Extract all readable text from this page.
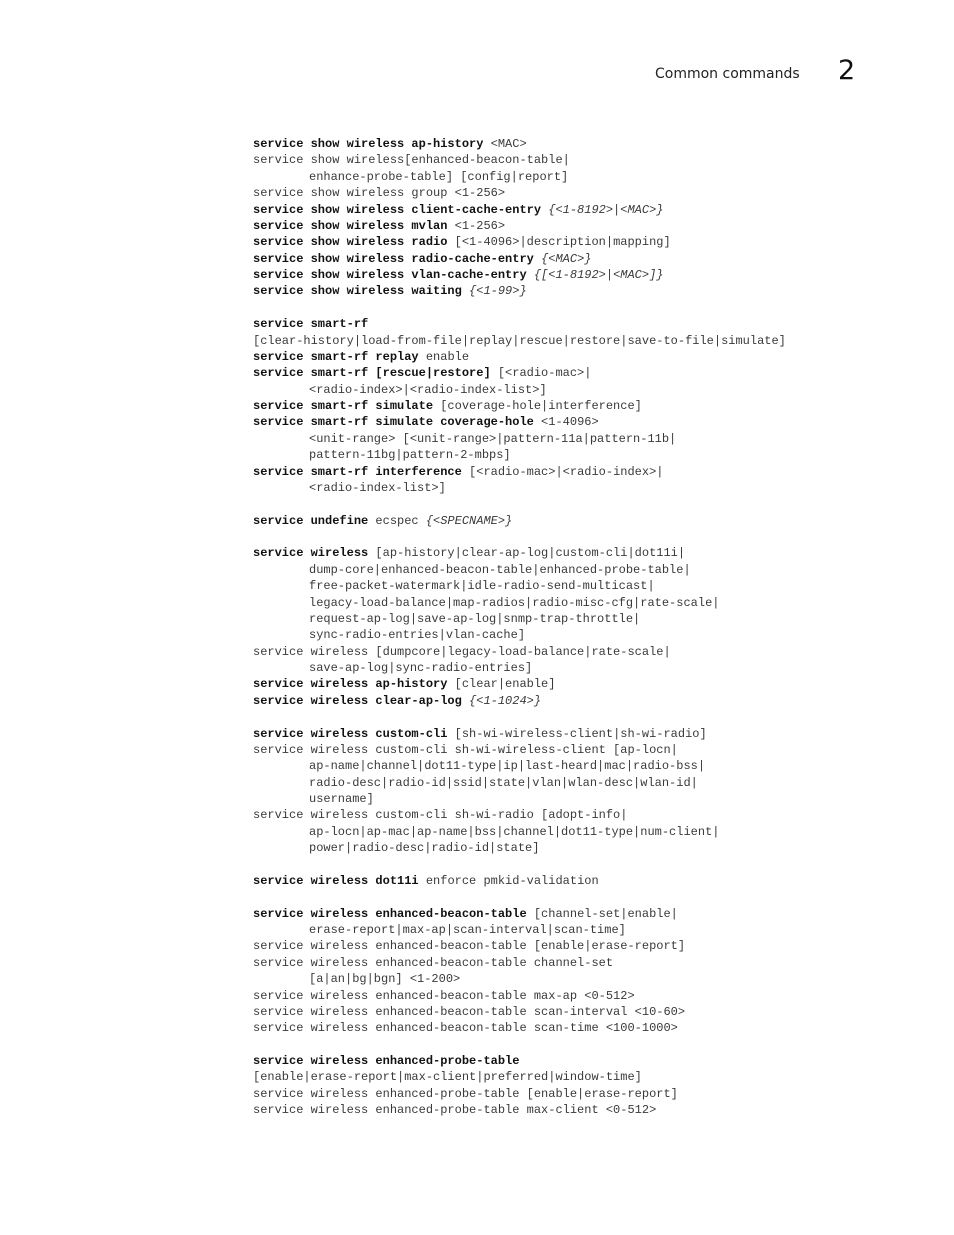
Common commands 2
service show wireless ap-history <MAC>
service show wireless[enhanced-beacon-table|
enhance-probe-table] [config|report]
service show wireless group <1-256>
service show wireless client-cache-entry {<1-8192>|<MAC>}
service show wireless mvlan <1-256>
service show wireless radio [<1-4096>|description|mapping]
service show wireless radio-cache-entry {<MAC>}
service show wireless vlan-cache-entry {[<1-8192>|<MAC>]}
service show wireless waiting {<1-99>}

service smart-rf
[clear-history|load-from-file|replay|rescue|restore|save-to-file|simulate]
service smart-rf replay enable
service smart-rf [rescue|restore] [<radio-mac>|
<radio-index>|<radio-index-list>]
service smart-rf simulate [coverage-hole|interference]
service smart-rf simulate coverage-hole <1-4096>
<unit-range> [<unit-range>|pattern-11a|pattern-11b|
pattern-11bg|pattern-2-mbps]
service smart-rf interference [<radio-mac>|<radio-index>|
<radio-index-list>]

service undefine ecspec {<SPECNAME>}

service wireless [ap-history|clear-ap-log|custom-cli|dot11i|
dump-core|enhanced-beacon-table|enhanced-probe-table|
free-packet-watermark|idle-radio-send-multicast|
legacy-load-balance|map-radios|radio-misc-cfg|rate-scale|
request-ap-log|save-ap-log|snmp-trap-throttle|
sync-radio-entries|vlan-cache]
service wireless [dumpcore|legacy-load-balance|rate-scale|
save-ap-log|sync-radio-entries]
service wireless ap-history [clear|enable]
service wireless clear-ap-log {<1-1024>}

service wireless custom-cli [sh-wi-wireless-client|sh-wi-radio]
service wireless custom-cli sh-wi-wireless-client [ap-locn|
ap-name|channel|dot11-type|ip|last-heard|mac|radio-bss|
radio-desc|radio-id|ssid|state|vlan|wlan-desc|wlan-id|
username]
service wireless custom-cli sh-wi-radio [adopt-info|
ap-locn|ap-mac|ap-name|bss|channel|dot11-type|num-client|
power|radio-desc|radio-id|state]

service wireless dot11i enforce pmkid-validation

service wireless enhanced-beacon-table [channel-set|enable|
erase-report|max-ap|scan-interval|scan-time]
service wireless enhanced-beacon-table [enable|erase-report]
service wireless enhanced-beacon-table channel-set
[a|an|bg|bgn] <1-200>
service wireless enhanced-beacon-table max-ap <0-512>
service wireless enhanced-beacon-table scan-interval <10-60>
service wireless enhanced-beacon-table scan-time <100-1000>

service wireless enhanced-probe-table
[enable|erase-report|max-client|preferred|window-time]
service wireless enhanced-probe-table [enable|erase-report]
service wireless enhanced-probe-table max-client <0-512>
